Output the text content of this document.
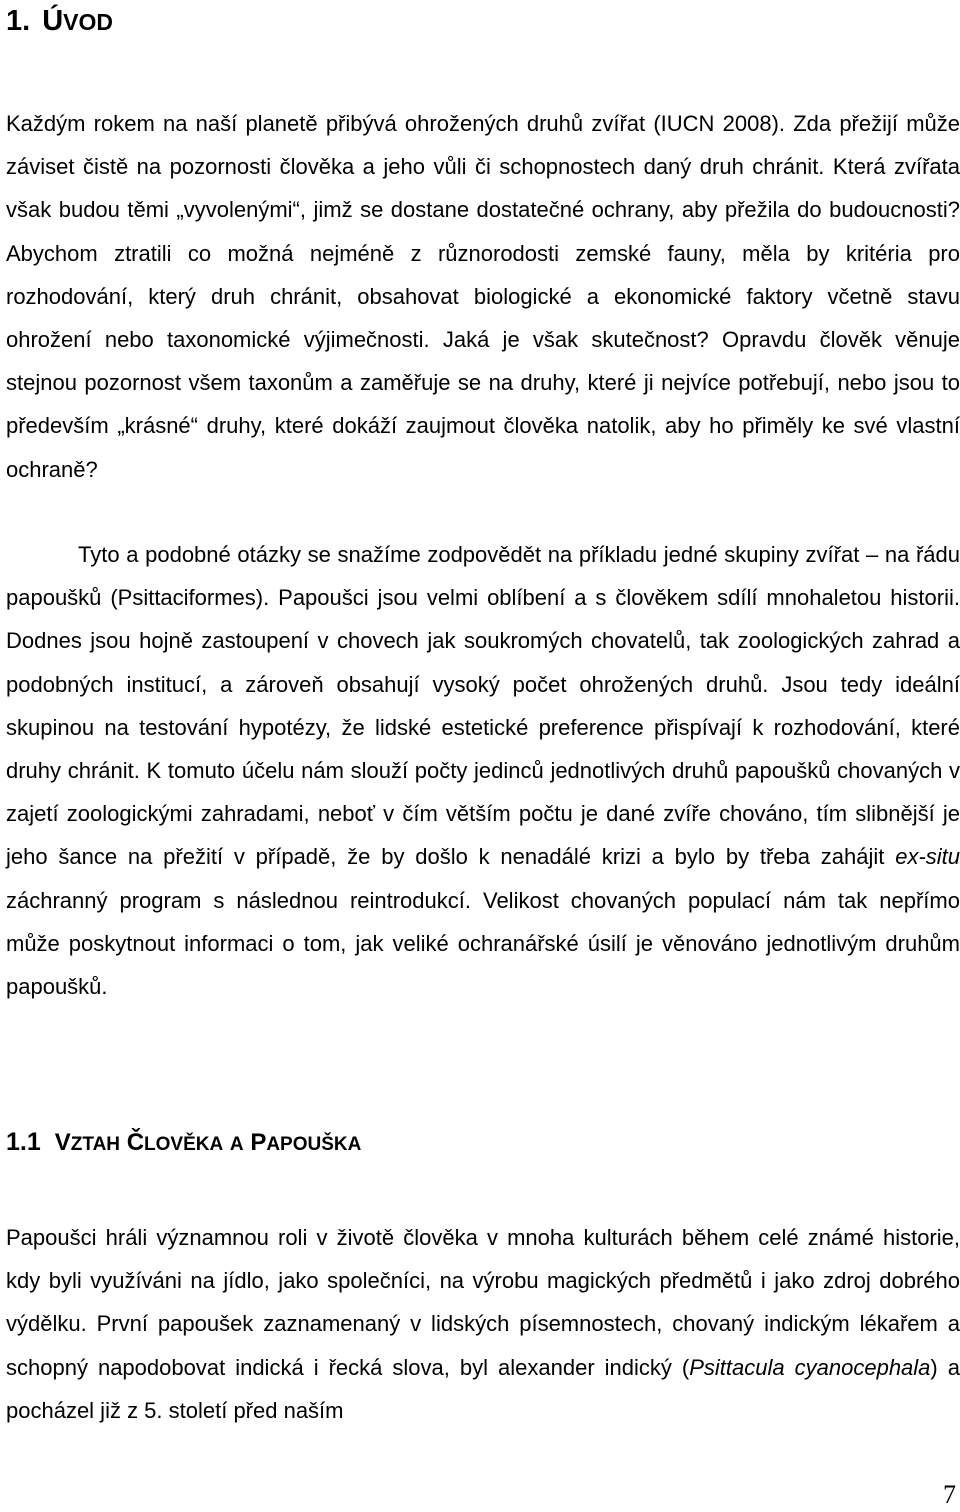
1. ÚVOD

Každým rokem na naší planetě přibývá ohrožených druhů zvířat (IUCN 2008). Zda přežijí může záviset čistě na pozornosti člověka a jeho vůli či schopnostech daný druh chránit. Která zvířata však budou těmi „vyvolenými“, jimž se dostane dostatečné ochrany, aby přežila do budoucnosti? Abychom ztratili co možná nejméně z různorodosti zemské fauny, měla by kritéria pro rozhodování, který druh chránit, obsahovat biologické a ekonomické faktory včetně stavu ohrožení nebo taxonomické výjimečnosti. Jaká je však skutečnost? Opravdu člověk věnuje stejnou pozornost všem taxonům a zaměřuje se na druhy, které ji nejvíce potřebují, nebo jsou to především „krásné“ druhy, které dokáží zaujmout člověka natolik, aby ho přiměly ke své vlastní ochraně?

Tyto a podobné otázky se snažíme zodpovědět na příkladu jedné skupiny zvířat – na řádu papoušků (Psittaciformes). Papoušci jsou velmi oblíbení a s člověkem sdílí mnohaletou historii. Dodnes jsou hojně zastoupení v chovech jak soukromých chovatelů, tak zoologických zahrad a podobných institucí, a zároveň obsahují vysoký počet ohrožených druhů. Jsou tedy ideální skupinou na testování hypotézy, že lidské estetické preference přispívají k rozhodování, které druhy chránit. K tomuto účelu nám slouží počty jedinců jednotlivých druhů papoušků chovaných v zajetí zoologickými zahradami, neboť v čím větším počtu je dané zvíře chováno, tím slibnější je jeho šance na přežití v případě, že by došlo k nenadálé krizi a bylo by třeba zahájit ex-situ záchranný program s následnou reintrodukcí. Velikost chovaných populací nám tak nepřímo může poskytnout informaci o tom, jak veliké ochranářské úsilí je věnováno jednotlivým druhům papoušků.

1.1 VZTAH ČLOVĚKA A PAPOUŠKA

Papoušci hráli významnou roli v životě člověka v mnoha kulturách během celé známé historie, kdy byli využíváni na jídlo, jako společníci, na výrobu magických předmětů i jako zdroj dobrého výdělku. První papoušek zaznamenaný v lidských písemnostech, chovaný indickým lékařem a schopný napodobovat indická i řecká slova, byl alexander indický (Psittacula cyanocephala) a pocházel již z 5. století před naším

7
